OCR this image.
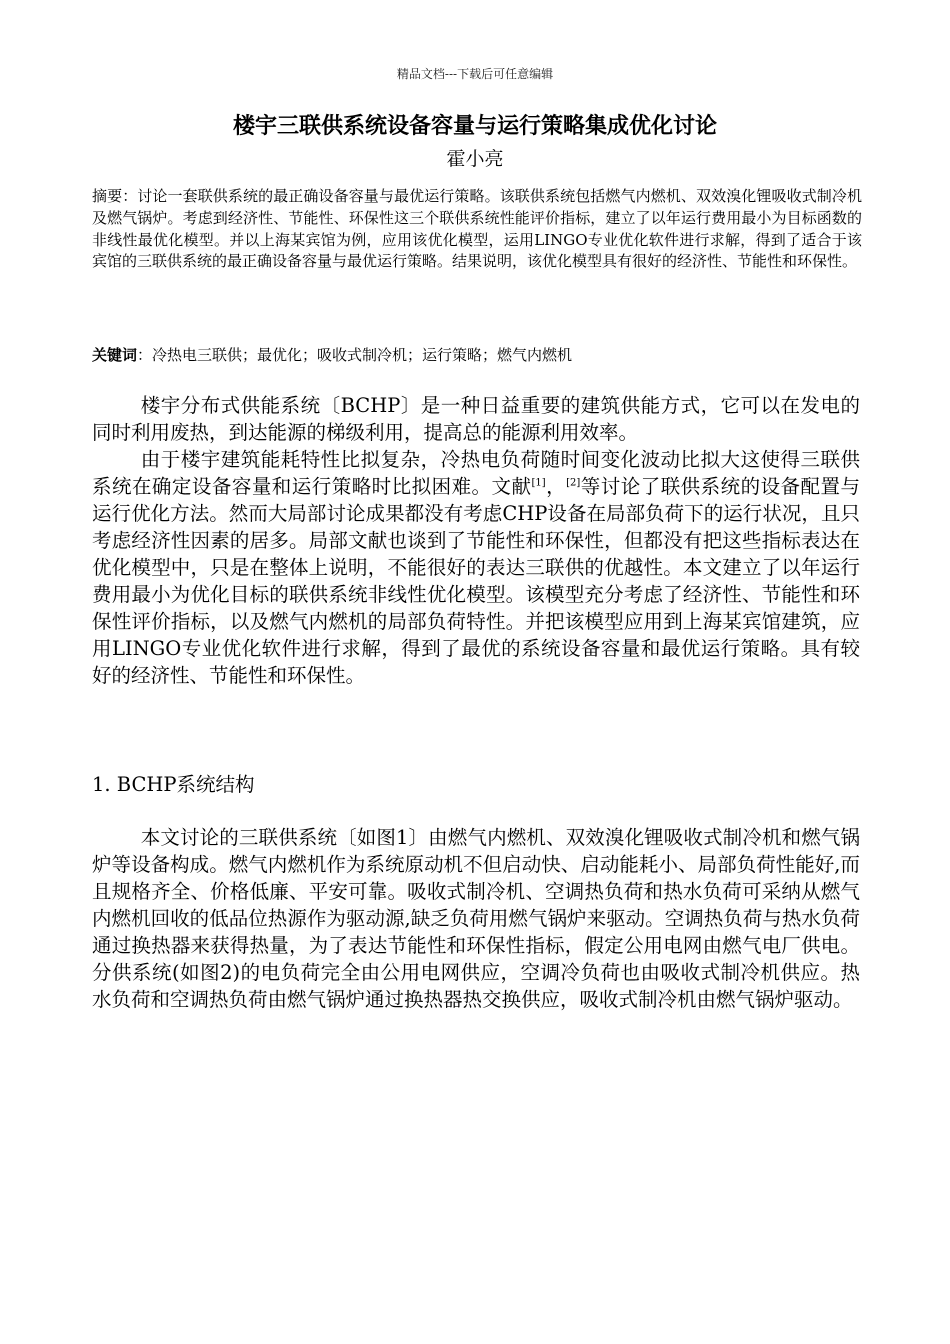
精品文档---下载后可任意编辑
楼宇三联供系统设备容量与运行策略集成优化讨论
霍小亮
摘要：讨论一套联供系统的最正确设备容量与最优运行策略。该联供系统包括燃气内燃机、双效溴化锂吸收式制冷机及燃气锅炉。考虑到经济性、节能性、环保性这三个联供系统性能评价指标，建立了以年运行费用最小为目标函数的非线性最优化模型。并以上海某宾馆为例，应用该优化模型，运用LINGO专业优化软件进行求解，得到了适合于该宾馆的三联供系统的最正确设备容量与最优运行策略。结果说明，该优化模型具有很好的经济性、节能性和环保性。
关键词：冷热电三联供；最优化；吸收式制冷机；运行策略；燃气内燃机

楼宇分布式供能系统〔BCHP〕是一种日益重要的建筑供能方式，它可以在发电的同时利用废热，到达能源的梯级利用，提高总的能源利用效率。

由于楼宇建筑能耗特性比拟复杂，冷热电负荷随时间变化波动比拟大这使得三联供系统在确定设备容量和运行策略时比拟困难。文献[1]，[2]等讨论了联供系统的设备配置与运行优化方法。然而大局部讨论成果都没有考虑CHP设备在局部负荷下的运行状况，且只考虑经济性因素的居多。局部文献也谈到了节能性和环保性，但都没有把这些指标表达在优化模型中，只是在整体上说明，不能很好的表达三联供的优越性。本文建立了以年运行费用最小为优化目标的联供系统非线性优化模型。该模型充分考虑了经济性、节能性和环保性评价指标，以及燃气内燃机的局部负荷特性。并把该模型应用到上海某宾馆建筑，应用LINGO专业优化软件进行求解，得到了最优的系统设备容量和最优运行策略。具有较好的经济性、节能性和环保性。

1. BCHP系统结构

本文讨论的三联供系统〔如图1〕由燃气内燃机、双效溴化锂吸收式制冷机和燃气锅炉等设备构成。燃气内燃机作为系统原动机不但启动快、启动能耗小、局部负荷性能好,而且规格齐全、价格低廉、平安可靠。吸收式制冷机、空调热负荷和热水负荷可采纳从燃气内燃机回收的低品位热源作为驱动源,缺乏负荷用燃气锅炉来驱动。空调热负荷与热水负荷通过换热器来获得热量，为了表达节能性和环保性指标，假定公用电网由燃气电厂供电。分供系统(如图2)的电负荷完全由公用电网供应，空调冷负荷也由吸收式制冷机供应。热水负荷和空调热负荷由燃气锅炉通过换热器热交换供应，吸收式制冷机由燃气锅炉驱动。
